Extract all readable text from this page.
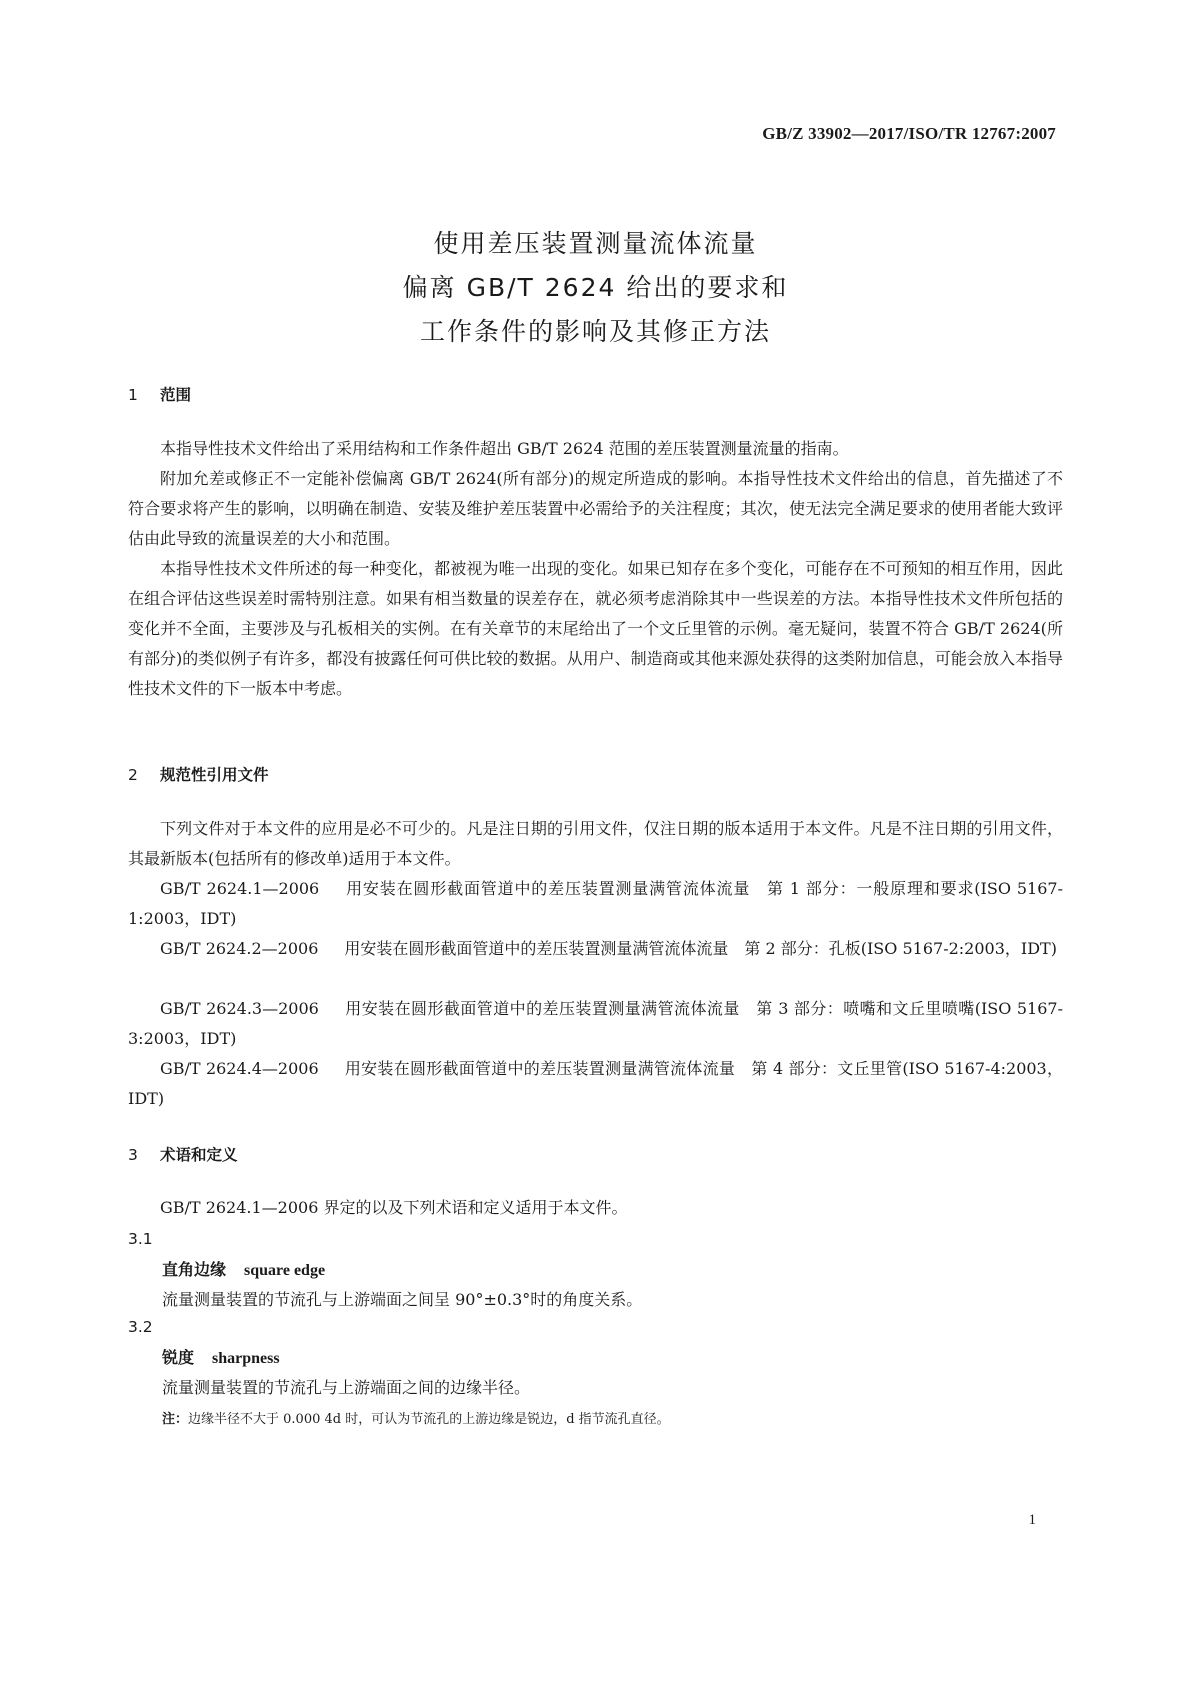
GB/Z 33902—2017/ISO/TR 12767:2007
使用差压装置测量流体流量
偏离 GB/T 2624 给出的要求和
工作条件的影响及其修正方法
1 范围

本指导性技术文件给出了采用结构和工作条件超出 GB/T 2624 范围的差压装置测量流量的指南。

附加允差或修正不一定能补偿偏离 GB/T 2624(所有部分)的规定所造成的影响。本指导性技术文件给出的信息，首先描述了不符合要求将产生的影响，以明确在制造、安装及维护差压装置中必需给予的关注程度；其次，使无法完全满足要求的使用者能大致评估由此导致的流量误差的大小和范围。

本指导性技术文件所述的每一种变化，都被视为唯一出现的变化。如果已知存在多个变化，可能存在不可预知的相互作用，因此在组合评估这些误差时需特别注意。如果有相当数量的误差存在，就必须考虑消除其中一些误差的方法。本指导性技术文件所包括的变化并不全面，主要涉及与孔板相关的实例。在有关章节的末尾给出了一个文丘里管的示例。毫无疑问，装置不符合 GB/T 2624(所有部分)的类似例子有许多，都没有披露任何可供比较的数据。从用户、制造商或其他来源处获得的这类附加信息，可能会放入本指导性技术文件的下一版本中考虑。

2 规范性引用文件

下列文件对于本文件的应用是必不可少的。凡是注日期的引用文件，仅注日期的版本适用于本文件。凡是不注日期的引用文件，其最新版本(包括所有的修改单)适用于本文件。

GB/T 2624.1—2006 用安装在圆形截面管道中的差压装置测量满管流体流量　第 1 部分：一般原理和要求(ISO 5167-1:2003，IDT)

GB/T 2624.2—2006 用安装在圆形截面管道中的差压装置测量满管流体流量　第 2 部分：孔板(ISO 5167-2:2003，IDT)

GB/T 2624.3—2006 用安装在圆形截面管道中的差压装置测量满管流体流量　第 3 部分：喷嘴和文丘里喷嘴(ISO 5167-3:2003，IDT)

GB/T 2624.4—2006 用安装在圆形截面管道中的差压装置测量满管流体流量　第 4 部分：文丘里管(ISO 5167-4:2003，IDT)

3 术语和定义

GB/T 2624.1—2006 界定的以及下列术语和定义适用于本文件。

3.1
直角边缘 square edge
流量测量装置的节流孔与上游端面之间呈 90°±0.3°时的角度关系。
3.2
锐度 sharpness
流量测量装置的节流孔与上游端面之间的边缘半径。
注：边缘半径不大于 0.000 4d 时，可认为节流孔的上游边缘是锐边，d 指节流孔直径。
1
